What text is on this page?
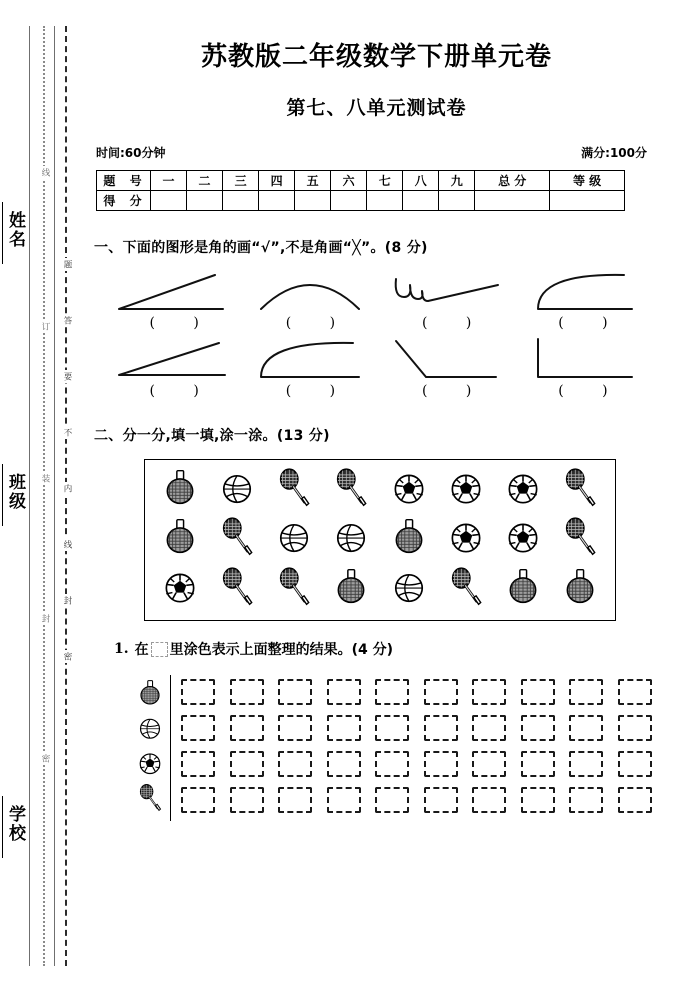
姓名
班级
学校
线
订
装
封
密
题
答
要
不
内
线
封
密
苏教版二年级数学下册单元卷
第七、八单元测试卷
时间:60分钟	满分:100分
题 号	一	二	三	四	五	六	七	八	九	总 分	等 级
得 分											
一、下面的图形是角的画“√”,不是角画“╳”。(8 分)
( )	( )	( )	( )
( )	( )	( )	( )
二、分一分,填一填,涂一涂。(13 分)
1. 在 里涂色表示上面整理的结果。(4 分)
